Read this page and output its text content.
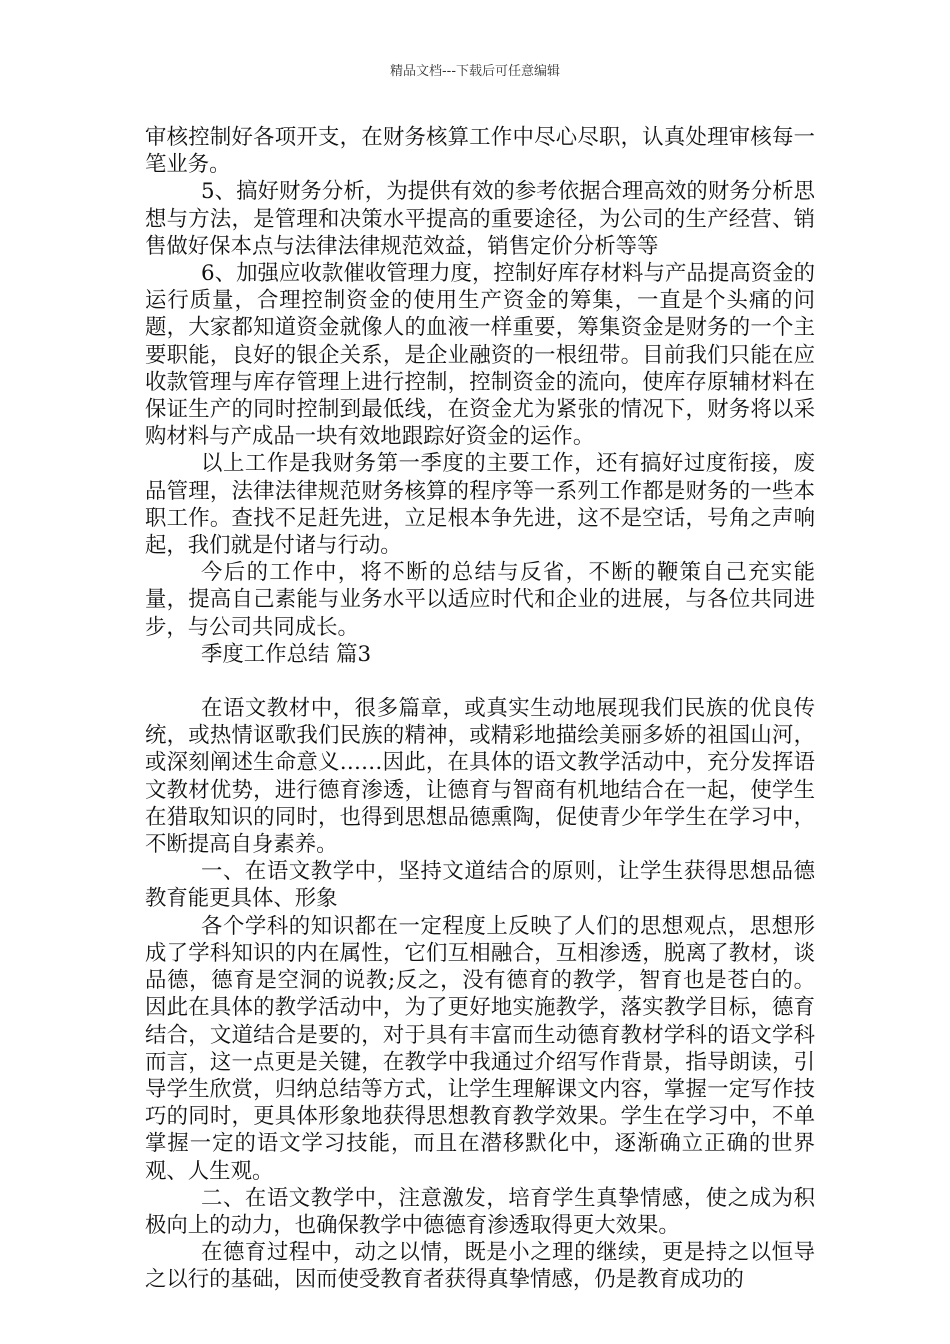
精品文档---下载后可任意编辑

审核控制好各项开支，在财务核算工作中尽心尽职，认真处理审核每一笔业务。

5、搞好财务分析，为提供有效的参考依据合理高效的财务分析思想与方法，是管理和决策水平提高的重要途径，为公司的生产经营、销售做好保本点与法律法律规范效益，销售定价分析等等

6、加强应收款催收管理力度，控制好库存材料与产品提高资金的运行质量，合理控制资金的使用生产资金的筹集，一直是个头痛的问题，大家都知道资金就像人的血液一样重要，筹集资金是财务的一个主要职能，良好的银企关系，是企业融资的一根纽带。目前我们只能在应收款管理与库存管理上进行控制，控制资金的流向，使库存原辅材料在保证生产的同时控制到最低线，在资金尤为紧张的情况下，财务将以采购材料与产成品一块有效地跟踪好资金的运作。

以上工作是我财务第一季度的主要工作，还有搞好过度衔接，废品管理，法律法律规范财务核算的程序等一系列工作都是财务的一些本职工作。查找不足赶先进，立足根本争先进，这不是空话，号角之声响起，我们就是付诸与行动。

今后的工作中，将不断的总结与反省，不断的鞭策自己充实能量，提高自己素能与业务水平以适应时代和企业的进展，与各位共同进步，与公司共同成长。

季度工作总结 篇3

在语文教材中，很多篇章，或真实生动地展现我们民族的优良传统，或热情讴歌我们民族的精神，或精彩地描绘美丽多娇的祖国山河，或深刻阐述生命意义……因此，在具体的语文教学活动中，充分发挥语文教材优势，进行德育渗透，让德育与智商有机地结合在一起，使学生在猎取知识的同时，也得到思想品德熏陶，促使青少年学生在学习中，不断提高自身素养。

一、在语文教学中，坚持文道结合的原则，让学生获得思想品德教育能更具体、形象

各个学科的知识都在一定程度上反映了人们的思想观点，思想形成了学科知识的内在属性，它们互相融合，互相渗透，脱离了教材，谈品德，德育是空洞的说教;反之，没有德育的教学，智育也是苍白的。因此在具体的教学活动中，为了更好地实施教学，落实教学目标，德育结合，文道结合是要的，对于具有丰富而生动德育教材学科的语文学科而言，这一点更是关键，在教学中我通过介绍写作背景，指导朗读，引导学生欣赏，归纳总结等方式，让学生理解课文内容，掌握一定写作技巧的同时，更具体形象地获得思想教育教学效果。学生在学习中，不单掌握一定的语文学习技能，而且在潜移默化中，逐渐确立正确的世界观、人生观。

二、在语文教学中，注意激发，培育学生真挚情感，使之成为积极向上的动力，也确保教学中德德育渗透取得更大效果。

在德育过程中，动之以情，既是小之理的继续，更是持之以恒导之以行的基础，因而使受教育者获得真挚情感，仍是教育成功的
